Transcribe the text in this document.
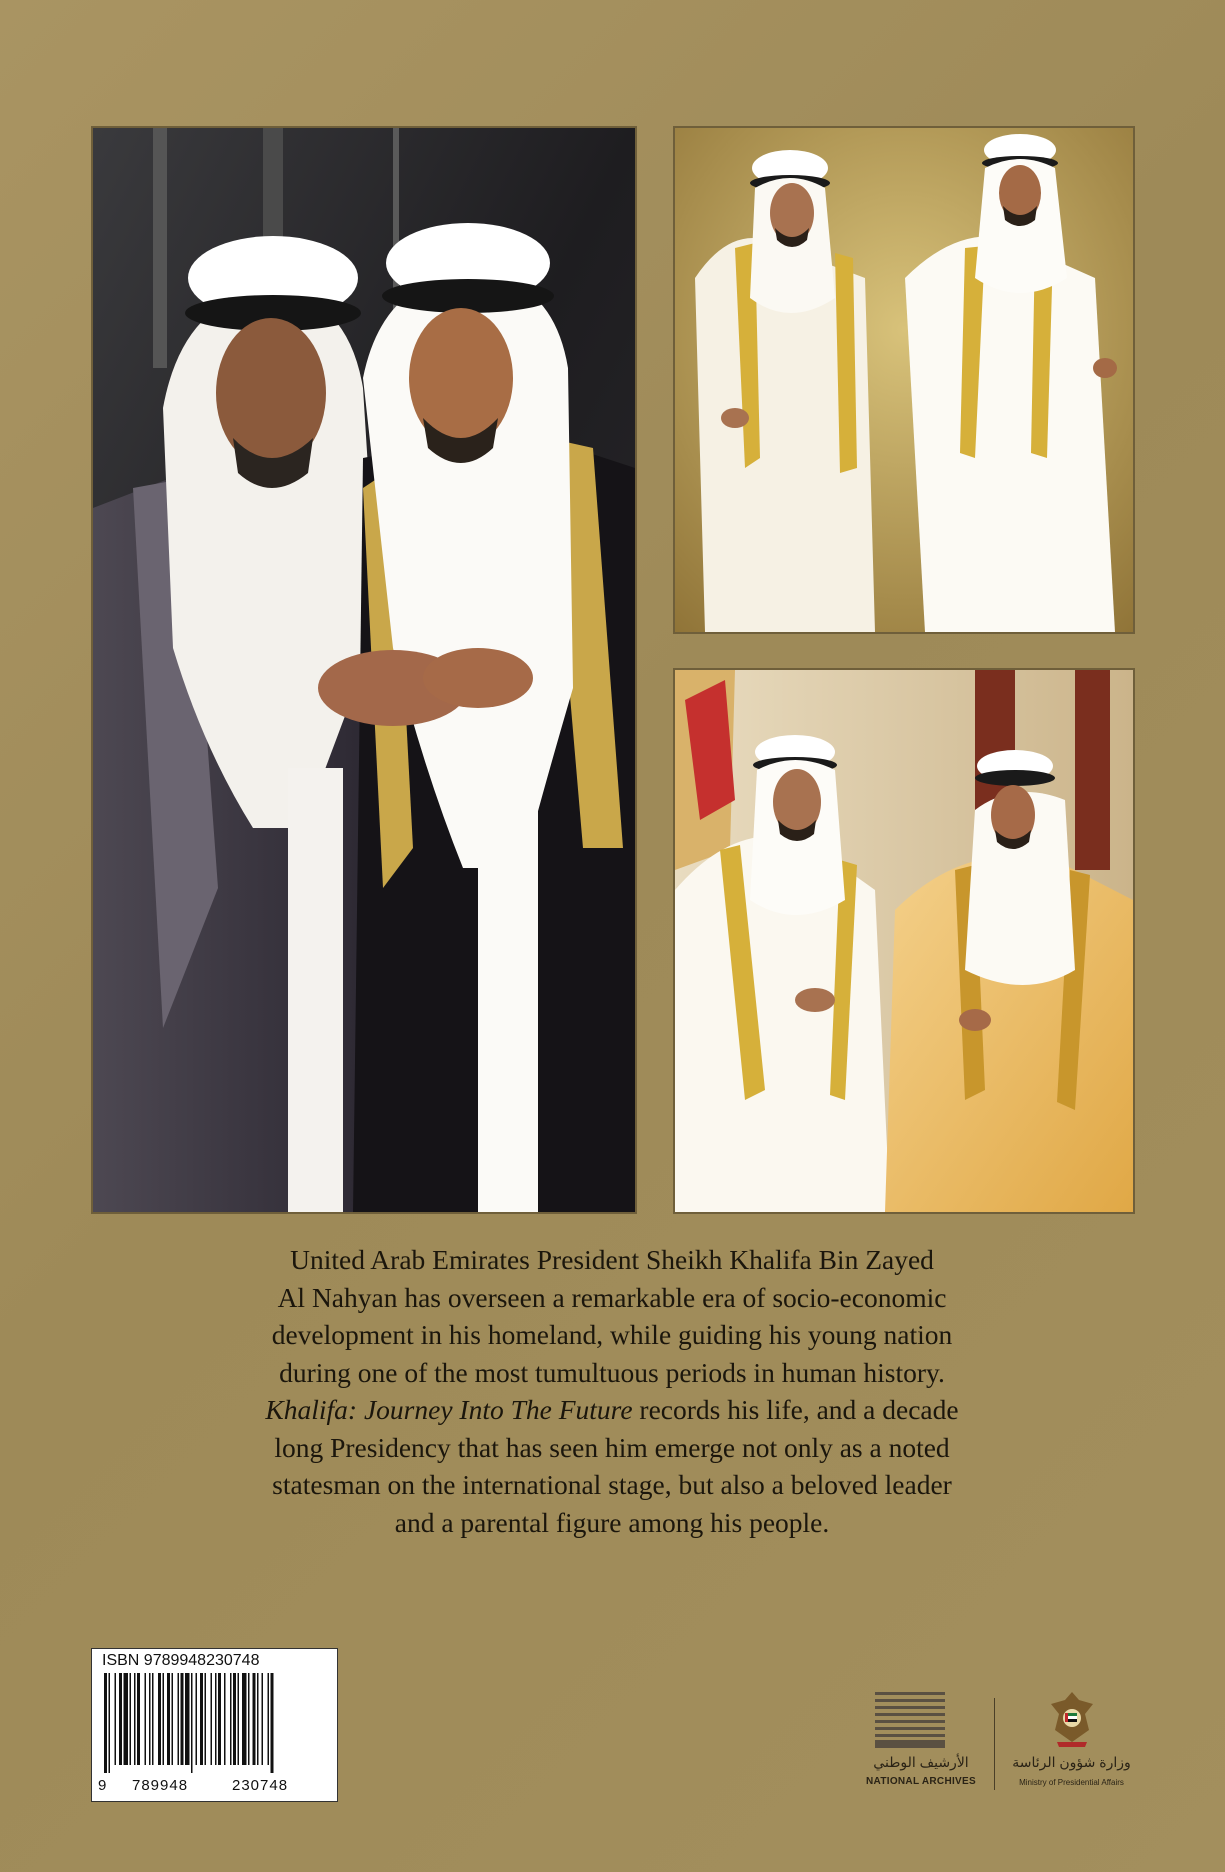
United Arab Emirates President Sheikh Khalifa Bin Zayed
Al Nahyan has overseen a remarkable era of socio-economic
development in his homeland, while guiding his young nation
during one of the most tumultuous periods in human history.
Khalifa: Journey Into The Future records his life, and a decade
long Presidency that has seen him emerge not only as a noted
statesman on the international stage, but also a beloved leader
and a parental figure among his people.
ISBN 9789948230748
9 789948	230748
الأرشيف الوطني
NATIONAL ARCHIVES
وزارة شؤون الرئاسة
Ministry of Presidential Affairs
